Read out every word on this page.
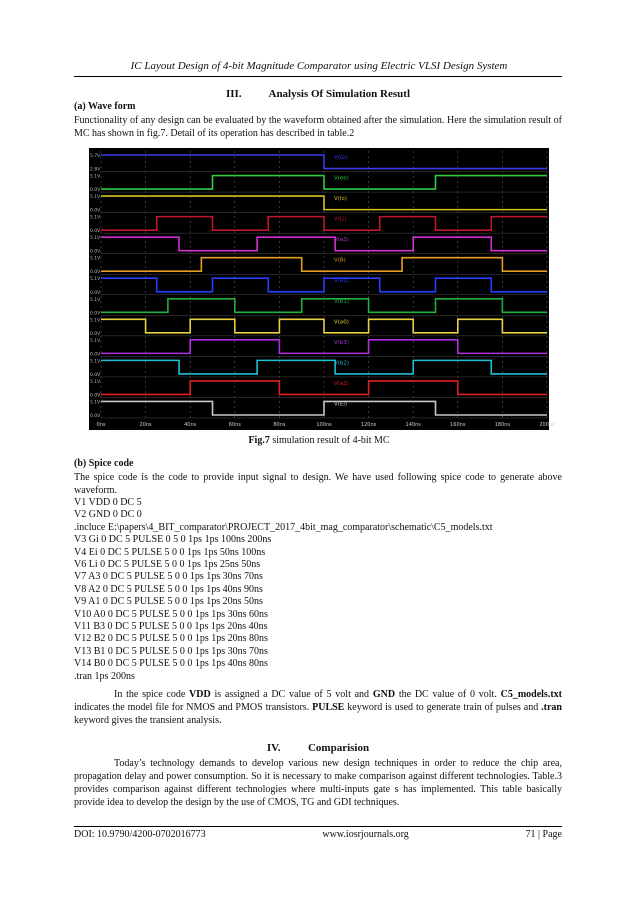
IC Layout Design of 4-bit Magnitude Comparator using Electric VLSI Design System
III. Analysis Of Simulation Resutl
(a) Wave form
Functionality of any design can be evaluated by the waveform obtained after the simulation. Here the simulation result of MC has shown in fig.7. Detail of its operation has described in table.2
V(Gi)
5.7V
2.8V
V(ee)
5.1V
0.0V
V(lo)
5.1V
0.0V
V(Li)
5.1V
0.0V
V(a3)
5.1V
0.0V
V(B)
5.1V
0.0V
V(a1)
5.1V
0.0V
V(b1)
5.1V
0.0V
V(a0)
5.1V
0.0V
V(b3)
5.1V
0.0V
V(b2)
5.1V
0.0V
V(a2)
5.1V
0.0V
V(Ei)
5.1V
0.0V
0ns	20ns	40ns	60ns	80ns	100ns	120ns	140ns	160ns	180ns	200ns
Fig.7 simulation result of 4-bit MC
(b) Spice code
The spice code is the code to provide input signal to design. We have used following spice code to generate above waveform.
V1 VDD 0 DC 5
V2 GND 0 DC 0
.incluce E:\papers\4_BIT_comparator\PROJECT_2017_4bit_mag_comparator\schematic\C5_models.txt
V3 Gi 0 DC 5 PULSE 0 5 0 1ps 1ps 100ns 200ns
V4 Ei 0 DC 5 PULSE 5 0 0 1ps 1ps 50ns 100ns
V6 Li 0 DC 5 PULSE 5 0 0 1ps 1ps 25ns 50ns
V7 A3 0 DC 5 PULSE 5 0 0 1ps 1ps 30ns 70ns
V8 A2 0 DC 5 PULSE 5 0 0 1ps 1ps 40ns 90ns
V9 A1 0 DC 5 PULSE 5 0 0 1ps 1ps 20ns 50ns
V10 A0 0 DC 5 PULSE 5 0 0 1ps 1ps 30ns 60ns
V11 B3 0 DC 5 PULSE 5 0 0 1ps 1ps 20ns 40ns
V12 B2 0 DC 5 PULSE 5 0 0 1ps 1ps 20ns 80ns
V13 B1 0 DC 5 PULSE 5 0 0 1ps 1ps 30ns 70ns
V14 B0 0 DC 5 PULSE 5 0 0 1ps 1ps 40ns 80ns
.tran 1ps 200ns
In the spice code VDD is assigned a DC value of 5 volt and GND the DC value of 0 volt. C5_models.txt indicates the model file for NMOS and PMOS transistors. PULSE keyword is used to generate train of pulses and .tran keyword gives the transient analysis.
IV.	Comparision
Today’s technology demands to develop various new design techniques in order to reduce the chip area, propagation delay and power consumption. So it is necessary to make comparison against different technologies. Table.3 provides comparison against different technologies where multi-inputs gate s has implemented. This table basically provide idea to develop the design by the use of CMOS, TG and GDI techniques.
DOI: 10.9790/4200-0702016773	www.iosrjournals.org	71 | Page
